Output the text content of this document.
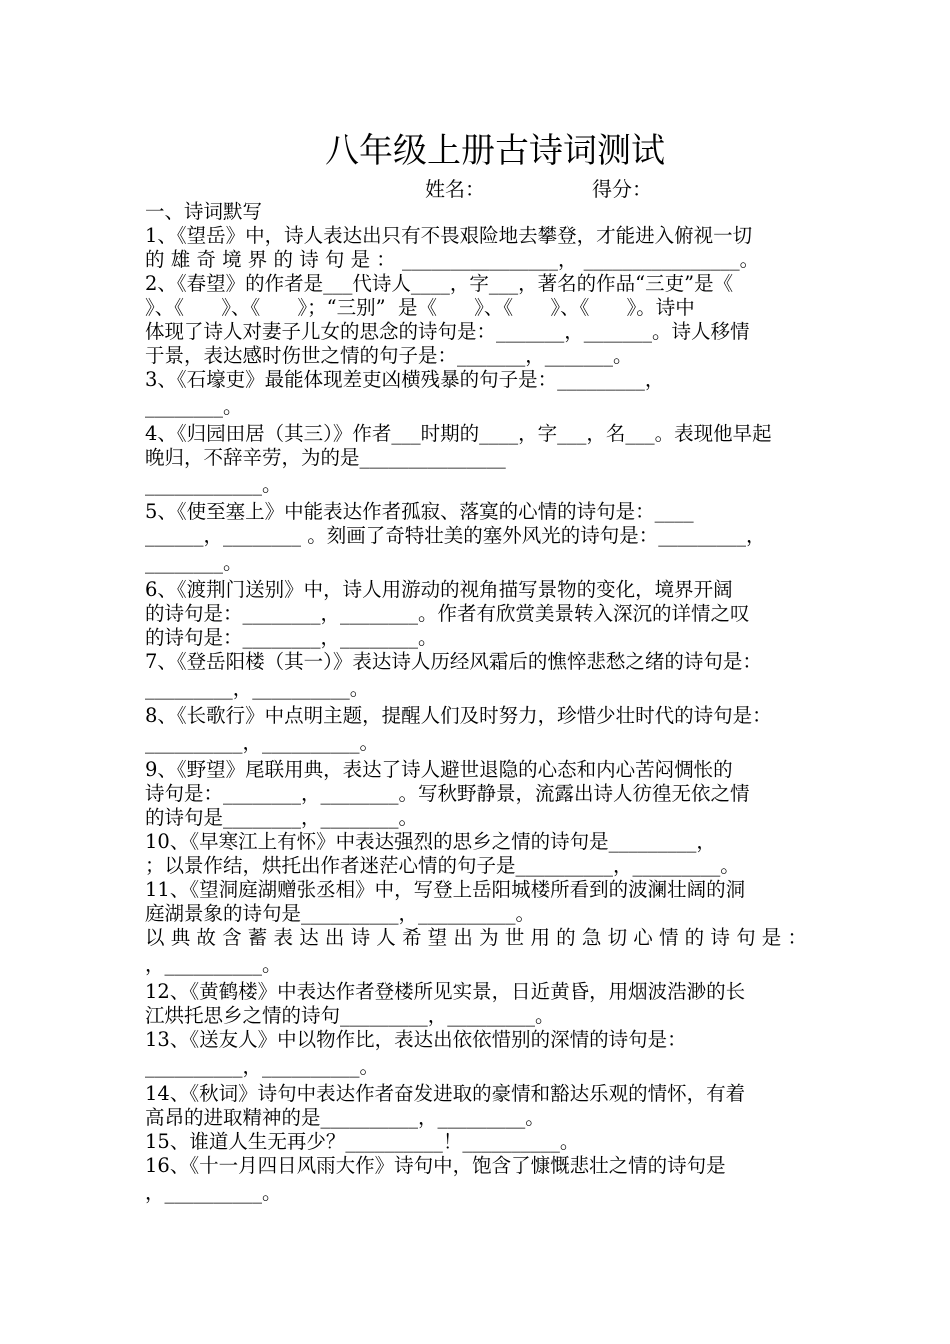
八年级上册古诗词测试
姓名：	得分：
一、诗词默写
1、《望岳》中，诗人表达出只有不畏艰险地去攀登，才能进入俯视一切
的 雄 奇 境 界 的 诗 句 是 ： ________________， ________________。
2、《春望》的作者是___代诗人____，字___，著名的作品“三吏”是《
》、《      》、《      》；“三别”  是《      》、《      》、《      》。诗中
体现了诗人对妻子儿女的思念的诗句是：_______，_______。诗人移情
于景，表达感时伤世之情的句子是：_______，_______。
3、《石壕吏》最能体现差吏凶横残暴的句子是：_________，
________。
4、《归园田居（其三）》作者___时期的____，字___，名___。表现他早起
晚归，不辞辛劳，为的是_______________
____________。
5、《使至塞上》中能表达作者孤寂、落寞的心情的诗句是：____
______，________ 。刻画了奇特壮美的塞外风光的诗句是：_________，
________。
6、《渡荆门送别》中，诗人用游动的视角描写景物的变化，境界开阔
的诗句是：________，________。作者有欣赏美景转入深沉的详情之叹
的诗句是：________，________。
7、《登岳阳楼（其一）》表达诗人历经风霜后的憔悴悲愁之绪的诗句是：
_________，__________。
8、《长歌行》中点明主题，提醒人们及时努力，珍惜少壮时代的诗句是：
__________，__________。
9、《野望》尾联用典，表达了诗人避世退隐的心态和内心苦闷惆怅的
诗句是：________，________。写秋野静景，流露出诗人彷徨无依之情
的诗句是________，________。
10、《早寒江上有怀》中表达强烈的思乡之情的诗句是_________，
；以景作结，烘托出作者迷茫心情的句子是__________，_________。
11、《望洞庭湖赠张丞相》中，写登上岳阳城楼所看到的波澜壮阔的洞
庭湖景象的诗句是__________，__________。
以 典 故 含 蓄 表 达 出 诗 人 希 望 出 为 世 用 的 急 切 心 情 的 诗 句 是 ：
，__________。
12、《黄鹤楼》中表达作者登楼所见实景，日近黄昏，用烟波浩渺的长
江烘托思乡之情的诗句_________，_________。
13、《送友人》中以物作比，表达出依依惜别的深情的诗句是：
__________，__________。
14、《秋词》诗句中表达作者奋发进取的豪情和豁达乐观的情怀，有着
高昂的进取精神的是__________，_________。
15、谁道人生无再少？__________！__________。
16、《十一月四日风雨大作》诗句中，饱含了慷慨悲壮之情的诗句是
，__________。
